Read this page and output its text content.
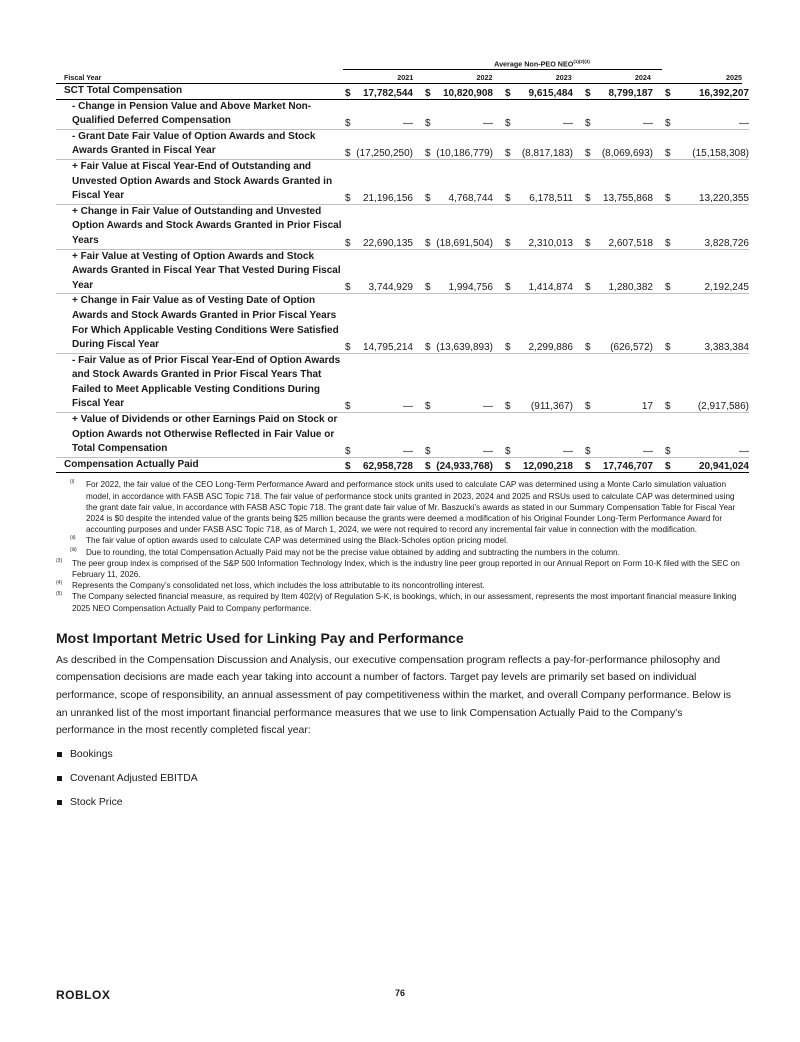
Average Non-PEO $NEO^{(1)(2)(3)}$
Fiscal Year	2021	2022	2023	2024	2025
SCT Total Compensation	$	17,782,544	$	10,820,908	$	9,615,484	$	8,799,187	$	16,392,207
- Change in Pension Value and Above Market Non-Qualified Deferred Compensation	$	—	$	—	$	—	$	—	$	—
- Grant Date Fair Value of Option Awards and Stock Awards Granted in Fiscal Year	$	(17,250,250)	$	(10,186,779)	$	(8,817,183)	$	(8,069,693)	$	(15,158,308)
+ Fair Value at Fiscal Year-End of Outstanding and Unvested Option Awards and Stock Awards Granted in Fiscal Year	$	21,196,156	$	4,768,744	$	6,178,511	$	13,755,868	$	13,220,355
+ Change in Fair Value of Outstanding and Unvested Option Awards and Stock Awards Granted in Prior Fiscal Years	$	22,690,135	$	(18,691,504)	$	2,310,013	$	2,607,518	$	3,828,726
+ Fair Value at Vesting of Option Awards and Stock Awards Granted in Fiscal Year That Vested During Fiscal Year	$	3,744,929	$	1,994,756	$	1,414,874	$	1,280,382	$	2,192,245
+ Change in Fair Value as of Vesting Date of Option Awards and Stock Awards Granted in Prior Fiscal Years For Which Applicable Vesting Conditions Were Satisfied During Fiscal Year	$	14,795,214	$	(13,639,893)	$	2,299,886	$	(626,572)	$	3,383,384
- Fair Value as of Prior Fiscal Year-End of Option Awards and Stock Awards Granted in Prior Fiscal Years That Failed to Meet Applicable Vesting Conditions During Fiscal Year	$	—	$	—	$	(911,367)	$	17	$	(2,917,586)
+ Value of Dividends or other Earnings Paid on Stock or Option Awards not Otherwise Reflected in Fair Value or Total Compensation	$	—	$	—	$	—	$	—	$	—
Compensation Actually Paid	$	62,958,728	$	(24,933,768)	$	12,090,218	$	17,746,707	$	20,941,024
(i) For 2022, the fair value of the CEO Long-Term Performance Award and performance stock units used to calculate CAP was determined using a Monte Carlo simulation valuation model, in accordance with FASB ASC Topic 718. The fair value of performance stock units granted in 2023, 2024 and 2025 and RSUs used to calculate CAP was determined using the grant date fair value, in accordance with FASB ASC Topic 718. The grant date fair value of Mr. Baszucki’s awards as stated in our Summary Compensation Table for Fiscal Year 2024 is $0 despite the intended value of the grants being $25 million because the grants were deemed a modification of his Original Founder Long-Term Performance Award for accounting purposes and under FASB ASC Topic 718, as of March 1, 2024, we were not required to record any incremental fair value in connection with the modification.
(ii) The fair value of option awards used to calculate CAP was determined using the Black-Scholes option pricing model.
(iii) Due to rounding, the total Compensation Actually Paid may not be the precise value obtained by adding and subtracting the numbers in the column.
(3) The peer group index is comprised of the S&P 500 Information Technology Index, which is the industry line peer group reported in our Annual Report on Form 10-K filed with the SEC on February 11, 2026.
(4) Represents the Company’s consolidated net loss, which includes the loss attributable to its noncontrolling interest.
(5) The Company selected financial measure, as required by Item 402(v) of Regulation S-K, is bookings, which, in our assessment, represents the most important financial measure linking 2025 NEO Compensation Actually Paid to Company performance.
Most Important Metric Used for Linking Pay and Performance

As described in the Compensation Discussion and Analysis, our executive compensation program reflects a pay-for-performance philosophy and compensation decisions are made each year taking into account a number of factors. Target pay levels are primarily set based on individual performance, scope of responsibility, an annual assessment of pay competitiveness within the market, and overall Company performance. Below is an unranked list of the most important financial performance measures that we use to link Compensation Actually Paid to the Company’s performance in the most recently completed fiscal year:

Bookings
Covenant Adjusted EBITDA
Stock Price
ROBLOX	76
